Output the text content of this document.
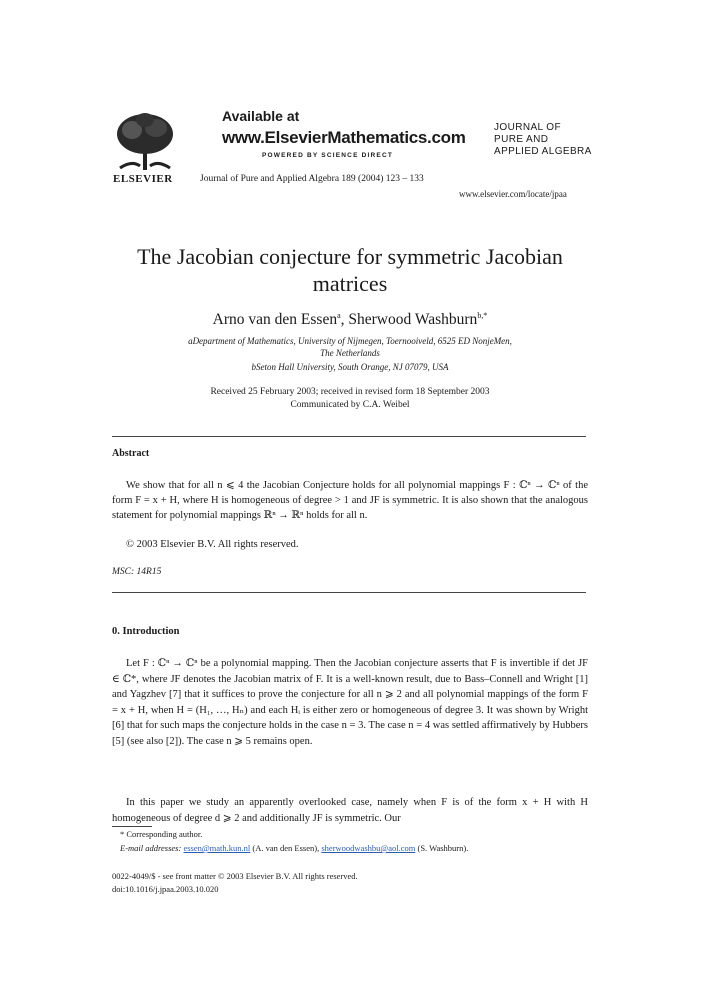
ELSEVIER
Available at
www.ElsevierMathematics.com
POWERED BY SCIENCE DIRECT
Journal of Pure and Applied Algebra 189 (2004) 123 – 133
JOURNAL OF
PURE AND
APPLIED ALGEBRA
www.elsevier.com/locate/jpaa
The Jacobian conjecture for symmetric Jacobian
matrices
Arno van den Essen$^a$, Sherwood Washburn$^{b,*}$
aDepartment of Mathematics, University of Nijmegen, Toernooiveld, 6525 ED NonjeMen,
The Netherlands
bSeton Hall University, South Orange, NJ 07079, USA
Received 25 February 2003; received in revised form 18 September 2003
Communicated by C.A. Weibel
Abstract
We show that for all n ⩽ 4 the Jacobian Conjecture holds for all polynomial mappings F : ℂⁿ → ℂⁿ of the form F = x + H, where H is homogeneous of degree > 1 and JF is symmetric. It is also shown that the analogous statement for polynomial mappings ℝⁿ → ℝⁿ holds for all n.
© 2003 Elsevier B.V. All rights reserved.
MSC: 14R15
0. Introduction
Let F : ℂⁿ → ℂⁿ be a polynomial mapping. Then the Jacobian conjecture asserts that F is invertible if det JF ∈ ℂ*, where JF denotes the Jacobian matrix of F. It is a well-known result, due to Bass–Connell and Wright [1] and Yagzhev [7] that it suffices to prove the conjecture for all n ⩾ 2 and all polynomial mappings of the form F = x + H, when H = (H₁, …, Hₙ) and each Hᵢ is either zero or homogeneous of degree 3. It was shown by Wright [6] that for such maps the conjecture holds in the case n = 3. The case n = 4 was settled affirmatively by Hubbers [5] (see also [2]). The case n ⩾ 5 remains open.
In this paper we study an apparently overlooked case, namely when F is of the form x + H with H homogeneous of degree d ⩾ 2 and additionally JF is symmetric. Our
* Corresponding author.
E-mail addresses: essen@math.kun.nl (A. van den Essen), sherwoodwashbu@aol.com (S. Washburn).
0022-4049/$ - see front matter © 2003 Elsevier B.V. All rights reserved.
doi:10.1016/j.jpaa.2003.10.020
